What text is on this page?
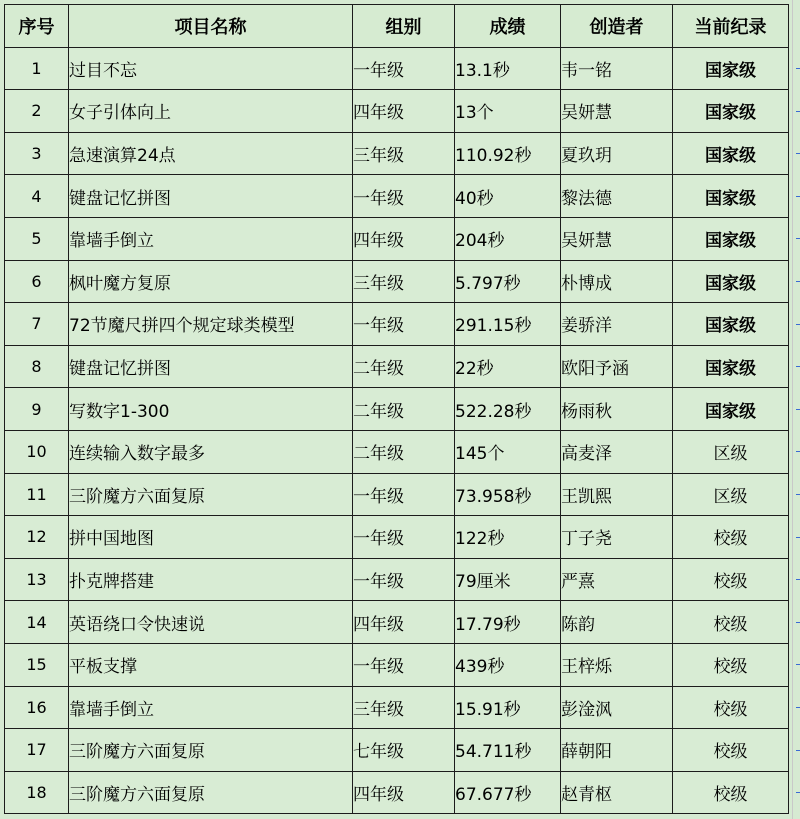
序号	项目名称	组别	成绩	创造者	当前纪录
1	过目不忘	一年级	13.1秒	韦一铭	国家级
2	女子引体向上	四年级	13个	吴妍慧	国家级
3	急速演算24点	三年级	110.92秒	夏玖玥	国家级
4	键盘记忆拼图	一年级	40秒	黎法德	国家级
5	靠墙手倒立	四年级	204秒	吴妍慧	国家级
6	枫叶魔方复原	三年级	5.797秒	朴博成	国家级
7	72节魔尺拼四个规定球类模型	一年级	291.15秒	姜骄洋	国家级
8	键盘记忆拼图	二年级	22秒	欧阳予涵	国家级
9	写数字1-300	二年级	522.28秒	杨雨秋	国家级
10	连续输入数字最多	二年级	145个	高麦泽	区级
11	三阶魔方六面复原	一年级	73.958秒	王凯熙	区级
12	拼中国地图	一年级	122秒	丁子尧	校级
13	扑克牌搭建	一年级	79厘米	严熹	校级
14	英语绕口令快速说	四年级	17.79秒	陈韵	校级
15	平板支撑	一年级	439秒	王梓烁	校级
16	靠墙手倒立	三年级	15.91秒	彭淦沨	校级
17	三阶魔方六面复原	七年级	54.711秒	薛朝阳	校级
18	三阶魔方六面复原	四年级	67.677秒	赵青枢	校级
